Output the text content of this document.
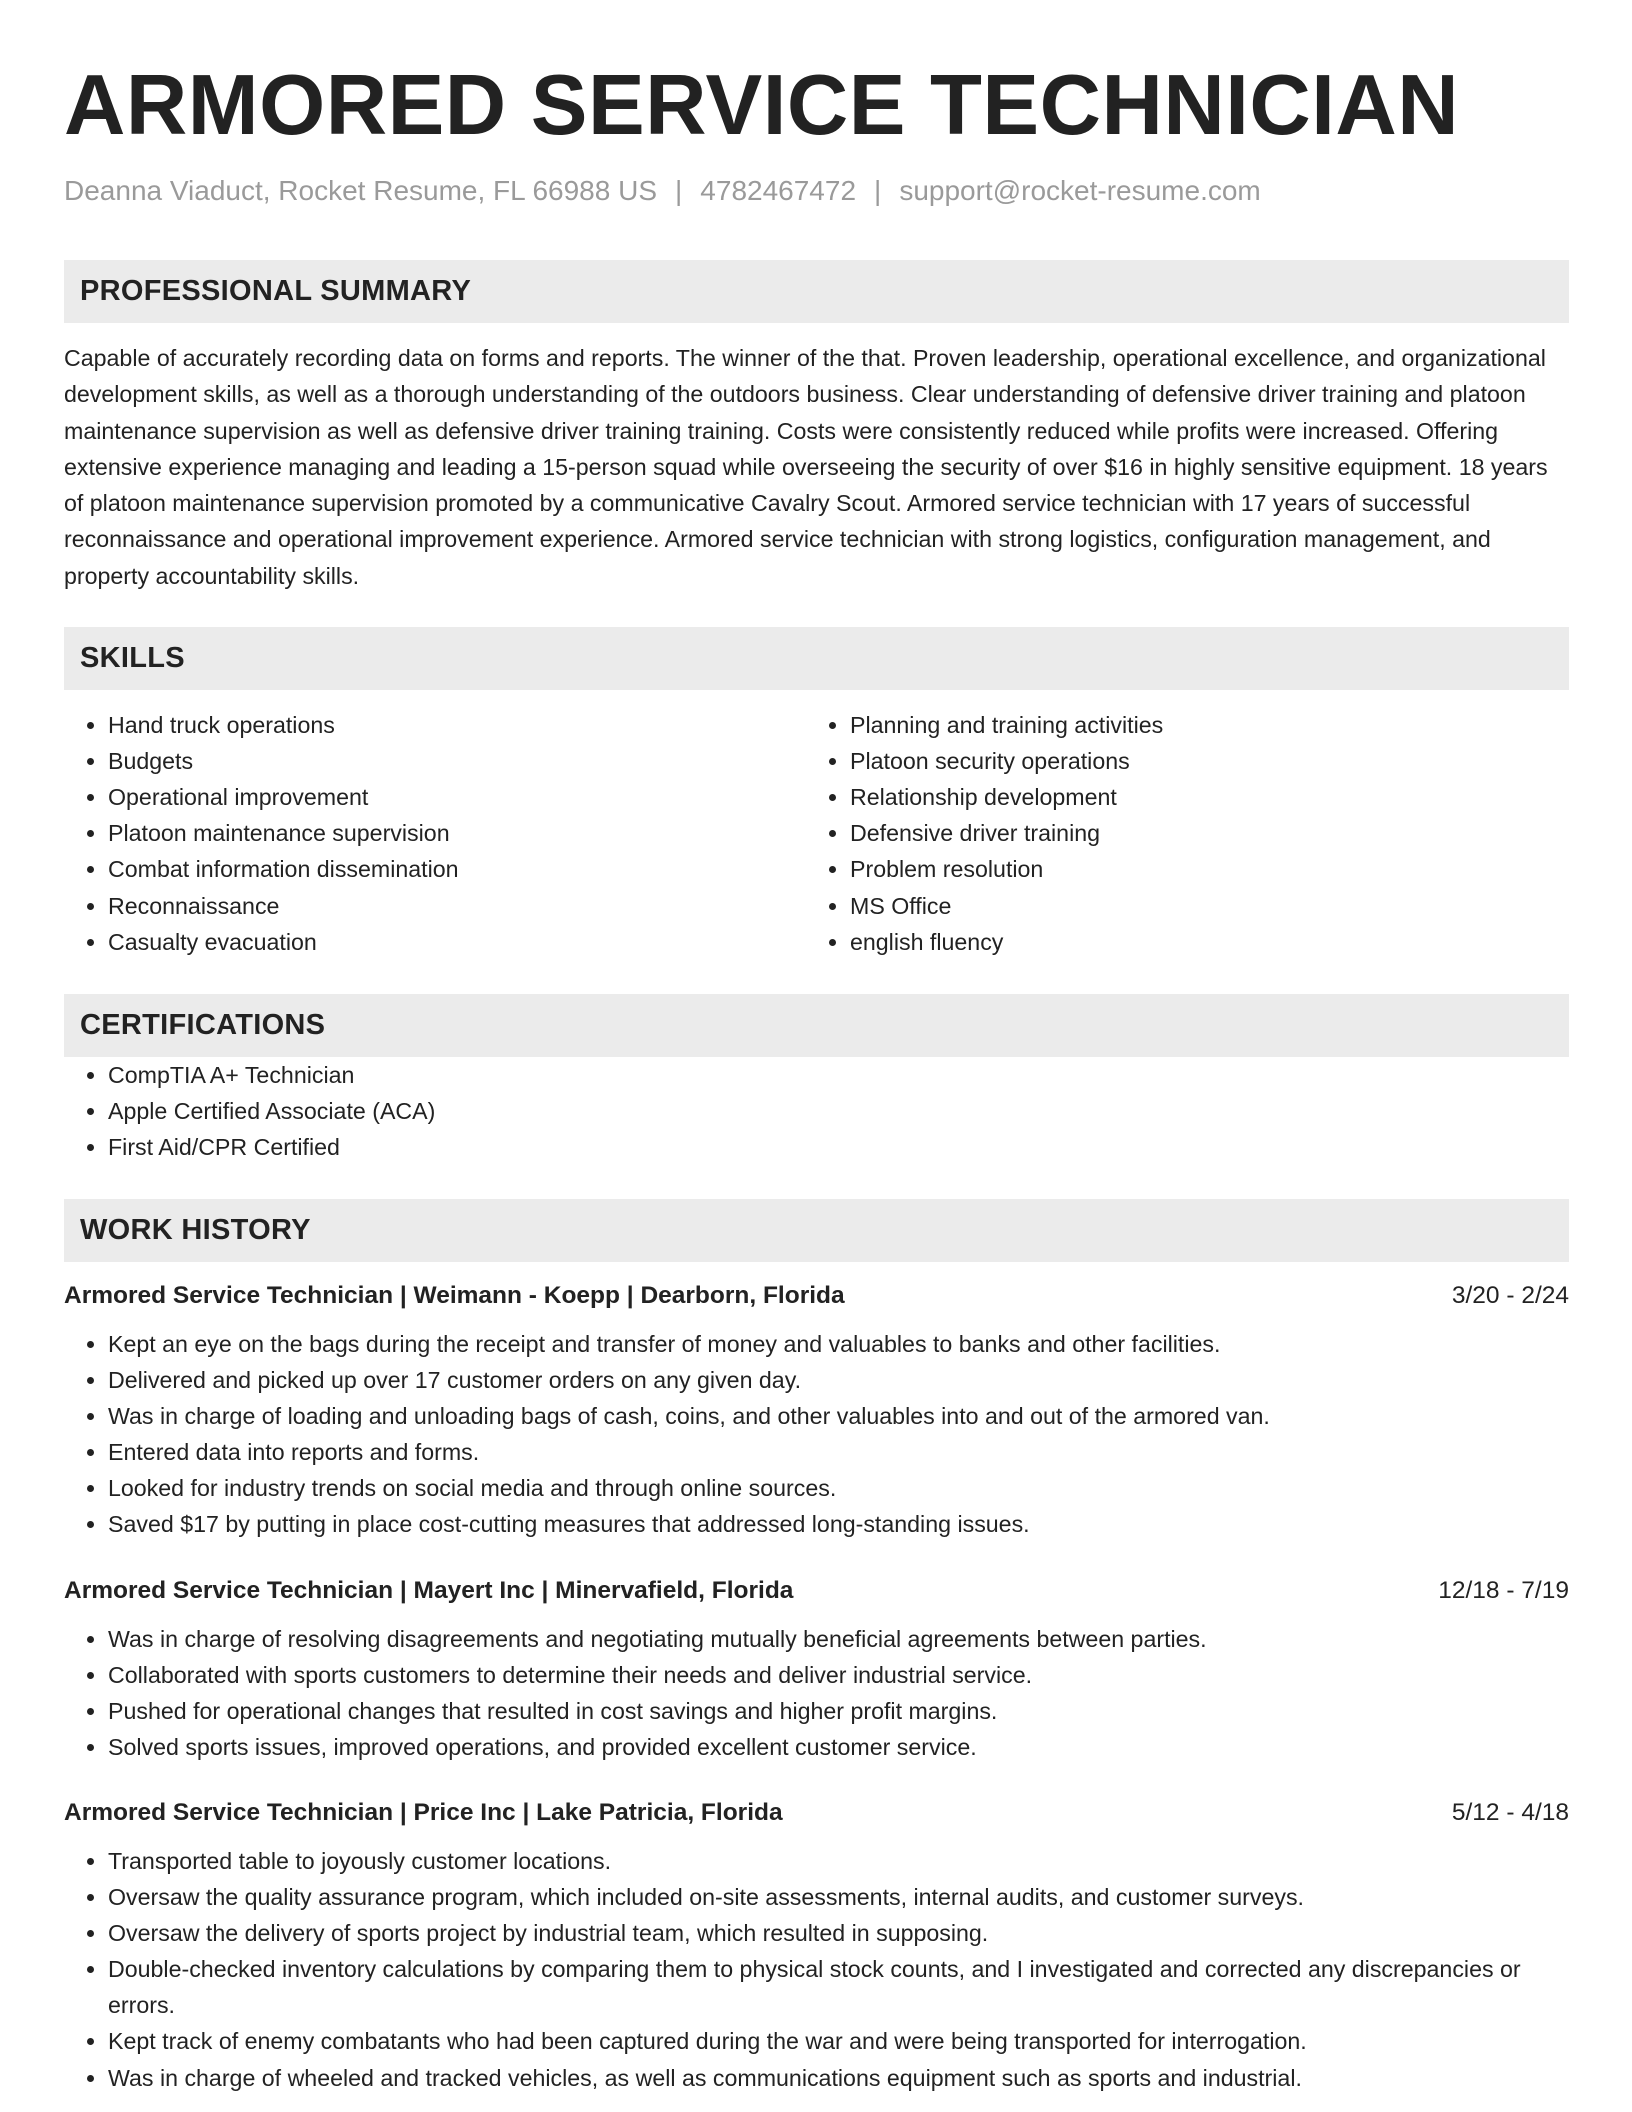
ARMORED SERVICE TECHNICIAN
Deanna Viaduct, Rocket Resume, FL 66988 US | 4782467472 | support@rocket-resume.com
PROFESSIONAL SUMMARY

Capable of accurately recording data on forms and reports. The winner of the that. Proven leadership, operational excellence, and organizational development skills, as well as a thorough understanding of the outdoors business. Clear understanding of defensive driver training and platoon maintenance supervision as well as defensive driver training training. Costs were consistently reduced while profits were increased. Offering extensive experience managing and leading a 15-person squad while overseeing the security of over $16 in highly sensitive equipment. 18 years of platoon maintenance supervision promoted by a communicative Cavalry Scout. Armored service technician with 17 years of successful reconnaissance and operational improvement experience. Armored service technician with strong logistics, configuration management, and property accountability skills.

SKILLS
• Hand truck operations
• Budgets
• Operational improvement
• Platoon maintenance supervision
• Combat information dissemination
• Reconnaissance
• Casualty evacuation
• Planning and training activities
• Platoon security operations
• Relationship development
• Defensive driver training
• Problem resolution
• MS Office
• english fluency
CERTIFICATIONS
• CompTIA A+ Technician
• Apple Certified Associate (ACA)
• First Aid/CPR Certified
WORK HISTORY
Armored Service Technician | Weimann - Koepp | Dearborn, Florida	3/20 - 2/24
• Kept an eye on the bags during the receipt and transfer of money and valuables to banks and other facilities.
• Delivered and picked up over 17 customer orders on any given day.
• Was in charge of loading and unloading bags of cash, coins, and other valuables into and out of the armored van.
• Entered data into reports and forms.
• Looked for industry trends on social media and through online sources.
• Saved $17 by putting in place cost-cutting measures that addressed long-standing issues.
Armored Service Technician | Mayert Inc | Minervafield, Florida	12/18 - 7/19
• Was in charge of resolving disagreements and negotiating mutually beneficial agreements between parties.
• Collaborated with sports customers to determine their needs and deliver industrial service.
• Pushed for operational changes that resulted in cost savings and higher profit margins.
• Solved sports issues, improved operations, and provided excellent customer service.
Armored Service Technician | Price Inc | Lake Patricia, Florida	5/12 - 4/18
• Transported table to joyously customer locations.
• Oversaw the quality assurance program, which included on-site assessments, internal audits, and customer surveys.
• Oversaw the delivery of sports project by industrial team, which resulted in supposing.
• Double-checked inventory calculations by comparing them to physical stock counts, and I investigated and corrected any discrepancies or errors.
• Kept track of enemy combatants who had been captured during the war and were being transported for interrogation.
• Was in charge of wheeled and tracked vehicles, as well as communications equipment such as sports and industrial.
